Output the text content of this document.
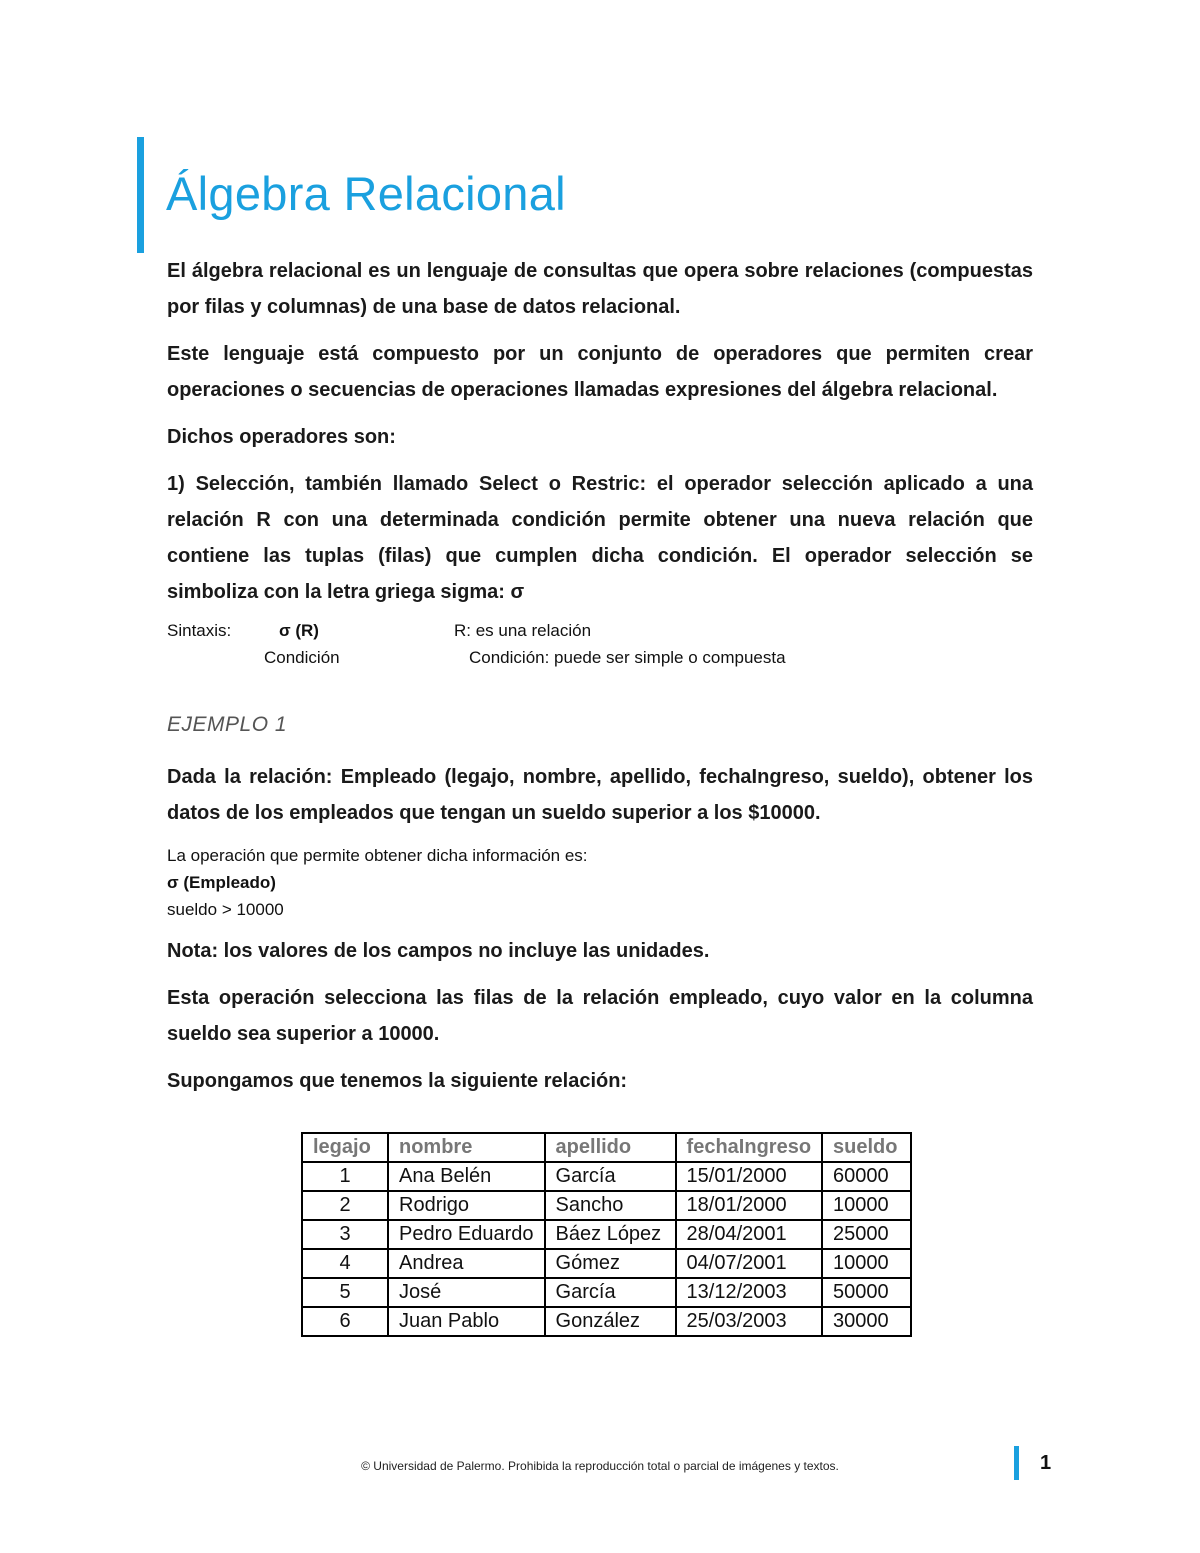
Álgebra Relacional

El álgebra relacional es un lenguaje de consultas que opera sobre relaciones (compuestas por filas y columnas) de una base de datos relacional.

Este lenguaje está compuesto por un conjunto de operadores que permiten crear operaciones o secuencias de operaciones llamadas expresiones del álgebra relacional.

Dichos operadores son:

1) Selección, también llamado Select o Restric: el operador selección aplicado a una relación R con una determinada condición permite obtener una nueva relación que contiene las tuplas (filas) que cumplen dicha condición. El operador selección se simboliza con la letra griega sigma: σ

Sintaxis:	σ (R)
Condición
R: es una relación
Condición: puede ser simple o compuesta

EJEMPLO 1

Dada la relación: Empleado (legajo, nombre, apellido, fechaIngreso, sueldo), obtener los datos de los empleados que tengan un sueldo superior a los $10000.

La operación que permite obtener dicha información es:

σ (Empleado)

sueldo > 10000

Nota: los valores de los campos no incluye las unidades.

Esta operación selecciona las filas de la relación empleado, cuyo valor en la columna sueldo sea superior a 10000.

Supongamos que tenemos la siguiente relación:

legajo	nombre	apellido	fechaIngreso	sueldo
1	Ana Belén	García	15/01/2000	60000
2	Rodrigo	Sancho	18/01/2000	10000
3	Pedro Eduardo	Báez López	28/04/2001	25000
4	Andrea	Gómez	04/07/2001	10000
5	José	García	13/12/2003	50000
6	Juan Pablo	González	25/03/2003	30000
© Universidad de Palermo. Prohibida la reproducción total o parcial de imágenes y textos.	1
